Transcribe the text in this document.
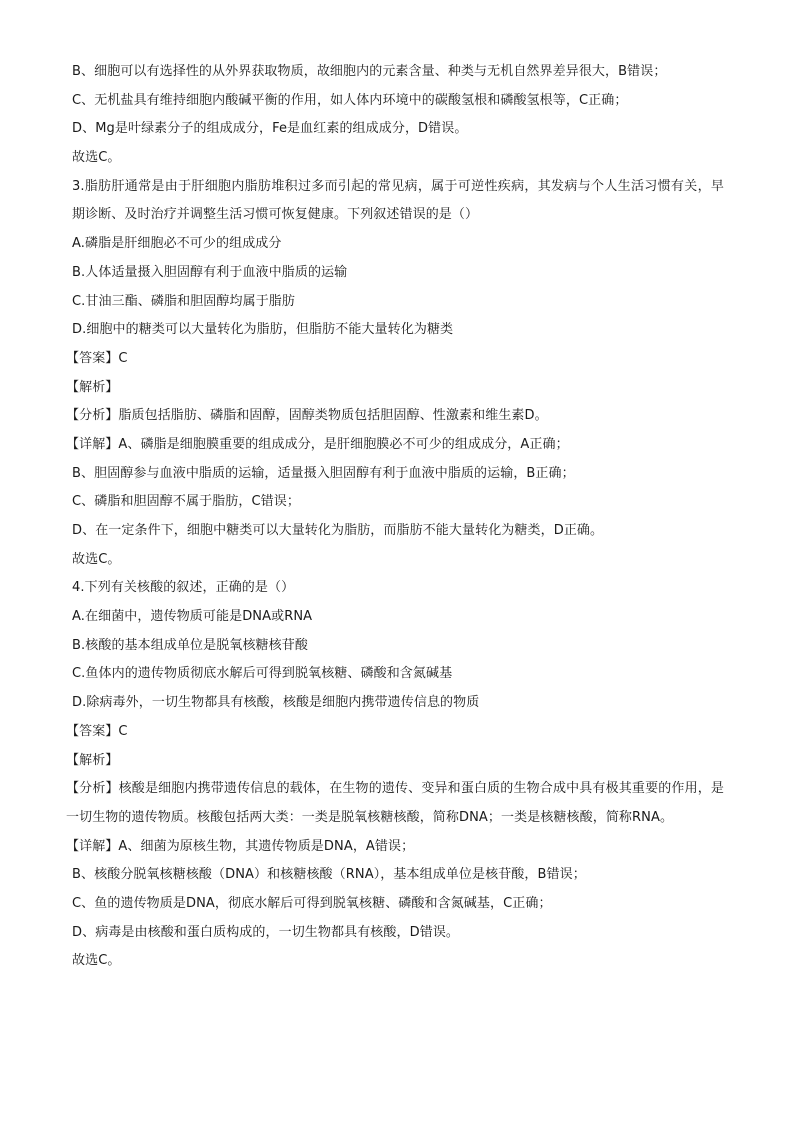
B、细胞可以有选择性的从外界获取物质，故细胞内的元素含量、种类与无机自然界差异很大，B错误；
C、无机盐具有维持细胞内酸碱平衡的作用，如人体内环境中的碳酸氢根和磷酸氢根等，C正确；
D、Mg是叶绿素分子的组成成分，Fe是血红素的组成成分，D错误。
故选C。
3.脂肪肝通常是由于肝细胞内脂肪堆积过多而引起的常见病，属于可逆性疾病，其发病与个人生活习惯有关，早期诊断、及时治疗并调整生活习惯可恢复健康。下列叙述错误的是（）
A.磷脂是肝细胞必不可少的组成成分
B.人体适量摄入胆固醇有利于血液中脂质的运输
C.甘油三酯、磷脂和胆固醇均属于脂肪
D.细胞中的糖类可以大量转化为脂肪，但脂肪不能大量转化为糖类
【答案】C
【解析】
【分析】脂质包括脂肪、磷脂和固醇，固醇类物质包括胆固醇、性激素和维生素D。
【详解】A、磷脂是细胞膜重要的组成成分，是肝细胞膜必不可少的组成成分，A正确；
B、胆固醇参与血液中脂质的运输，适量摄入胆固醇有利于血液中脂质的运输，B正确；
C、磷脂和胆固醇不属于脂肪，C错误；
D、在一定条件下，细胞中糖类可以大量转化为脂肪，而脂肪不能大量转化为糖类，D正确。
故选C。
4.下列有关核酸的叙述，正确的是（）
A.在细菌中，遗传物质可能是DNA或RNA
B.核酸的基本组成单位是脱氧核糖核苷酸
C.鱼体内的遗传物质彻底水解后可得到脱氧核糖、磷酸和含氮碱基
D.除病毒外，一切生物都具有核酸，核酸是细胞内携带遗传信息的物质
【答案】C
【解析】
【分析】核酸是细胞内携带遗传信息的载体，在生物的遗传、变异和蛋白质的生物合成中具有极其重要的作用，是一切生物的遗传物质。核酸包括两大类：一类是脱氧核糖核酸，简称DNA；一类是核糖核酸，简称RNA。
【详解】A、细菌为原核生物，其遗传物质是DNA，A错误；
B、核酸分脱氧核糖核酸（DNA）和核糖核酸（RNA），基本组成单位是核苷酸，B错误；
C、鱼的遗传物质是DNA，彻底水解后可得到脱氧核糖、磷酸和含氮碱基，C正确；
D、病毒是由核酸和蛋白质构成的，一切生物都具有核酸，D错误。
故选C。
